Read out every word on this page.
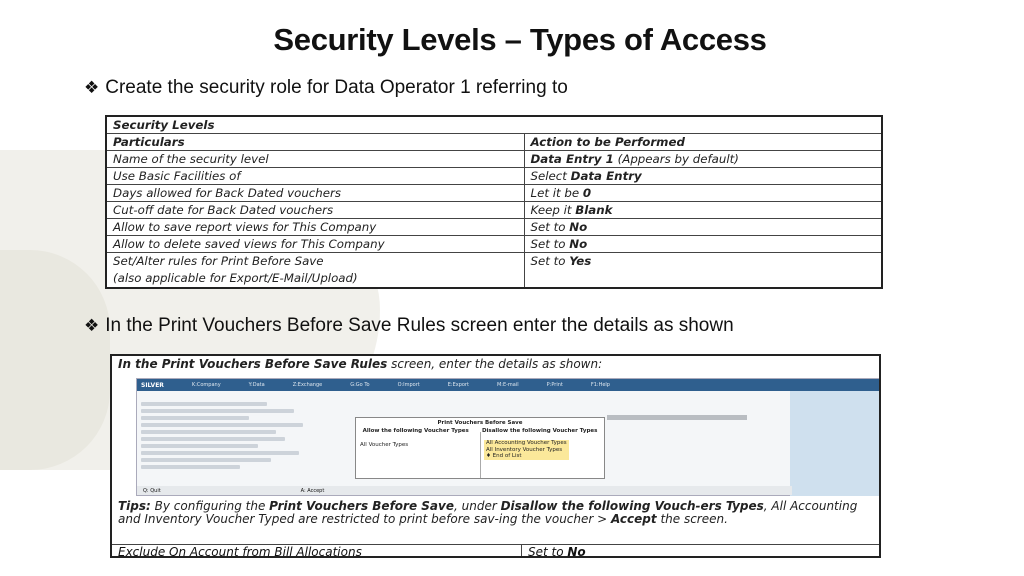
Security Levels – Types of Access
❖ Create the security role for Data Operator 1 referring to
Security Levels	
Particulars	Action to be Performed
Name of the security level	Data Entry 1 (Appears by default)
Use Basic Facilities of	Select Data Entry
Days allowed for Back Dated vouchers	Let it be 0
Cut-off date for Back Dated vouchers	Keep it Blank
Allow to save report views for This Company	Set to No
Allow to delete saved views for This Company	Set to No
Set/Alter rules for Print Before Save
(also applicable for Export/E-Mail/Upload)	Set to Yes
❖ In the Print Vouchers Before Save Rules screen enter the details as shown
In the Print Vouchers Before Save Rules screen, enter the details as shown:
SILVER	K:Company	Y:Data	Z:Exchange	G:Go To	O:Import	E:Export	M:E-mail	P:Print	F1:Help
Print Vouchers Before Save
Allow the following Voucher Types Disallow the following Voucher Types
All Voucher Types	All Accounting Voucher Types
All Inventory Voucher Types
♦ End of List
Q: Quit	A: Accept
Tips: By configuring the Print Vouchers Before Save, under Disallow the following Vouch-ers Types, All Accounting and Inventory Voucher Typed are restricted to print before sav-ing the voucher > Accept the screen.
Exclude On Account from Bill Allocations	Set to No
